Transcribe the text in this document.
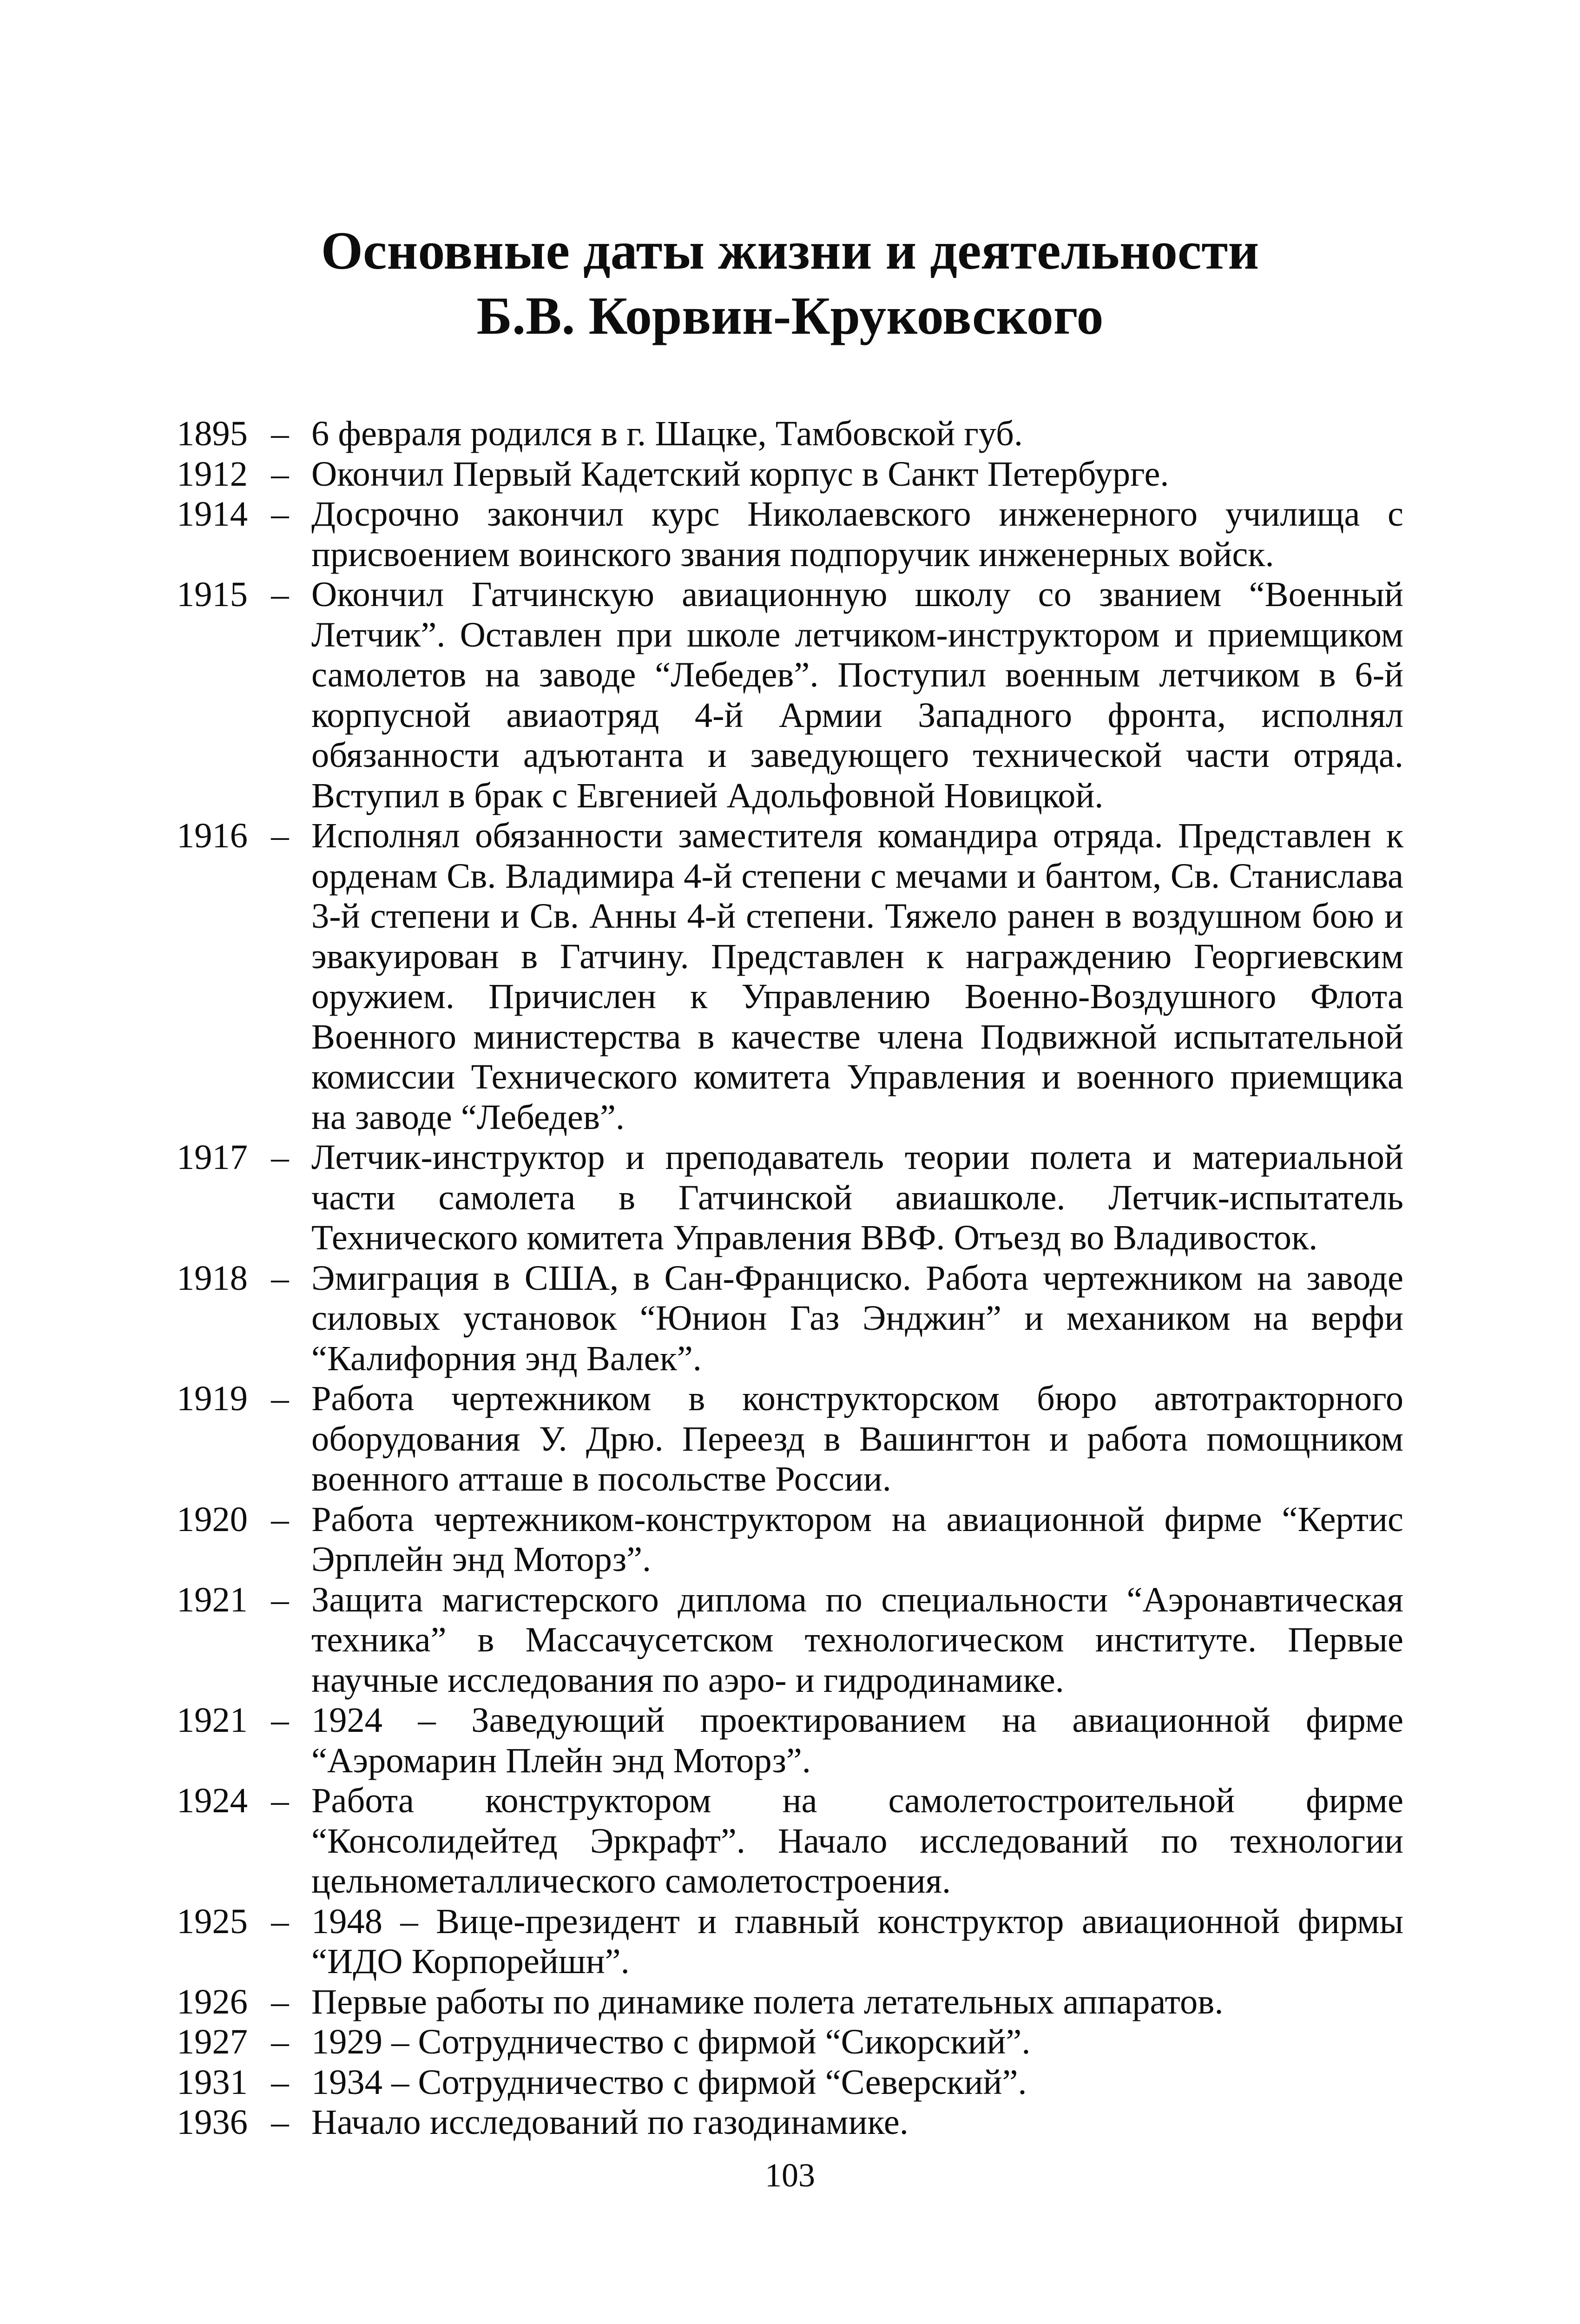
Основные даты жизни и деятельности
Б.В. Корвин-Круковского
1895 – 6 февраля родился в г. Шацке, Тамбовской губ.
1912 – Окончил Первый Кадетский корпус в Санкт Петербурге.
1914 – Досрочно закончил курс Николаевского инженерного училища с присвоением воинского звания подпоручик инженерных войск.
1915 – Окончил Гатчинскую авиационную школу со званием “Военный Летчик”. Оставлен при школе летчиком-инструктором и приемщиком самолетов на заводе “Лебедев”. Поступил военным летчиком в 6-й корпусной авиаотряд 4-й Армии Западного фронта, исполнял обязанности адъютанта и заведующего технической части отряда. Вступил в брак с Евгенией Адольфовной Новицкой.
1916 – Исполнял обязанности заместителя командира отряда. Представлен к орденам Св. Владимира 4-й степени с мечами и бантом, Св. Станислава 3-й степени и Св. Анны 4-й степени. Тяжело ранен в воздушном бою и эвакуирован в Гатчину. Представлен к награждению Георгиевским оружием. Причислен к Управлению Военно-Воздушного Флота Военного министерства в качестве члена Подвижной испытательной комиссии Технического комитета Управления и военного приемщика на заводе “Лебедев”.
1917 – Летчик-инструктор и преподаватель теории полета и материальной части самолета в Гатчинской авиашколе. Летчик-испытатель Технического комитета Управления ВВФ. Отъезд во Владивосток.
1918 – Эмиграция в США, в Сан-Франциско. Работа чертежником на заводе силовых установок “Юнион Газ Энджин” и механиком на верфи “Калифорния энд Валек”.
1919 – Работа чертежником в конструкторском бюро автотракторного оборудования У. Дрю. Переезд в Вашингтон и работа помощником военного атташе в посольстве России.
1920 – Работа чертежником-конструктором на авиационной фирме “Кертис Эрплейн энд Моторз”.
1921 – Защита магистерского диплома по специальности “Аэронавтическая техника” в Массачусетском технологическом институте. Первые научные исследования по аэро- и гидродинамике.
1921 – 1924 – Заведующий проектированием на авиационной фирме “Аэромарин Плейн энд Моторз”.
1924 – Работа конструктором на самолетостроительной фирме “Консолидейтед Эркрафт”. Начало исследований по технологии цельнометаллического самолетостроения.
1925 – 1948 – Вице-президент и главный конструктор авиационной фирмы “ИДО Корпорейшн”.
1926 – Первые работы по динамике полета летательных аппаратов.
1927 – 1929 – Сотрудничество с фирмой “Сикорский”.
1931 – 1934 – Сотрудничество с фирмой “Северский”.
1936 – Начало исследований по газодинамике.
103
